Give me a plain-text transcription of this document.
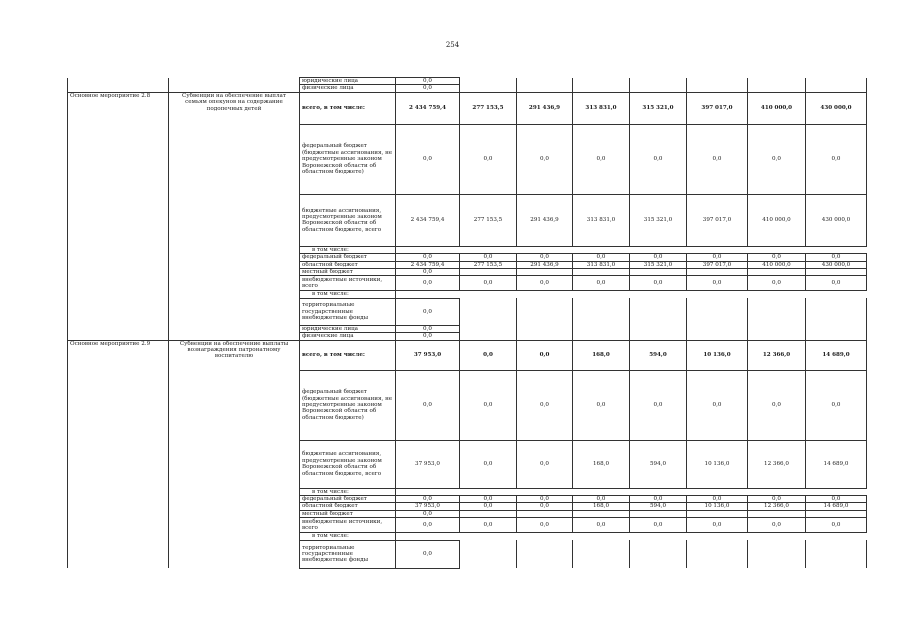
254
		юридические лица	0,0							
		физические лица	0,0							
Основное мероприятие 2.8	Субвенции на обеспечение выплат семьям опекунов на содержание подопечных детей	всего, в том числе:	2 434 759,4	277 153,5	291 436,9	313 831,0	315 321,0	397 017,0	410 000,0	430 000,0
		федеральный бюджет (бюджетные ассигнования, не предусмотренные законом Воронежской области об областном бюджете)	0,0	0,0	0,0	0,0	0,0	0,0	0,0	0,0
		бюджетные ассигнования, предусмотренные законом Воронежской области об областном бюджете, всего	2 434 759,4	277 153,5	291 436,9	313 831,0	315 321,0	397 017,0	410 000,0	430 000,0
		в том числе:								
		федеральный бюджет	0,0	0,0	0,0	0,0	0,0	0,0	0,0	0,0
		областной бюджет	2 434 759,4	277 153,5	291 436,9	313 831,0	315 321,0	397 017,0	410 000,0	430 000,0
		местный бюджет	0,0							
		внебюджетные источники, всего	0,0	0,0	0,0	0,0	0,0	0,0	0,0	0,0
		в том числе:								
		территориальные государственные внебюджетные фонды	0,0							
		юридические лица	0,0							
		физические лица	0,0							
Основное мероприятие 2.9	Субвенции на обеспечение выплаты вознаграждения патронатному воспитателю	всего, в том числе:	37 953,0	0,0	0,0	168,0	594,0	10 136,0	12 366,0	14 689,0
		федеральный бюджет (бюджетные ассигнования, не предусмотренные законом Воронежской области об областном бюджете)	0,0	0,0	0,0	0,0	0,0	0,0	0,0	0,0
		бюджетные ассигнования, предусмотренные законом Воронежской области об областном бюджете, всего	37 953,0	0,0	0,0	168,0	594,0	10 136,0	12 366,0	14 689,0
		в том числе:								
		федеральный бюджет	0,0	0,0	0,0	0,0	0,0	0,0	0,0	0,0
		областной бюджет	37 953,0	0,0	0,0	168,0	594,0	10 136,0	12 366,0	14 689,0
		местный бюджет	0,0							
		внебюджетные источники, всего	0,0	0,0	0,0	0,0	0,0	0,0	0,0	0,0
		в том числе:								
		территориальные государственные внебюджетные фонды	0,0							
